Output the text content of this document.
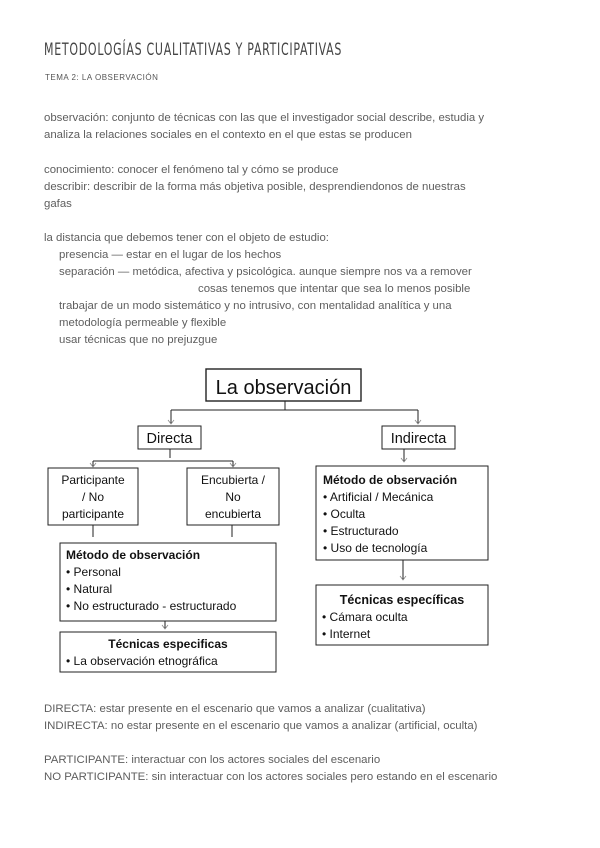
METODOLOGÍAS CUALITATIVAS Y PARTICIPATIVAS
TEMA 2: LA OBSERVACIÓN
observación: conjunto de técnicas con las que el investigador social describe, estudia y
analiza la relaciones sociales en el contexto en el que estas se producen
conocimiento: conocer el fenómeno tal y cómo se produce
describir: describir de la forma más objetiva posible, desprendiendonos de nuestras
gafas
la distancia que debemos tener con el objeto de estudio:
presencia — estar en el lugar de los hechos
separación — metódica, afectiva y psicológica. aunque siempre nos va a remover
cosas tenemos que intentar que sea lo menos posible
trabajar de un modo sistemático y no intrusivo, con mentalidad analítica y una
metodología permeable y flexible
usar técnicas que no prejuzgue
La observación
Directa	Indirecta
Participante
/ No
participante
Encubierta /
No
encubierta
Método de observación
• Personal
• Natural
• No estructurado - estructurado
Técnicas especificas
• La observación etnográfica
Método de observación
• Artificial / Mecánica
• Oculta
• Estructurado
• Uso de tecnología
Técnicas específicas
• Cámara oculta
• Internet
DIRECTA: estar presente en el escenario que vamos a analizar (cualitativa)
INDIRECTA: no estar presente en el escenario que vamos a analizar (artificial, oculta)
PARTICIPANTE: interactuar con los actores sociales del escenario
NO PARTICIPANTE: sin interactuar con los actores sociales pero estando en el escenario
